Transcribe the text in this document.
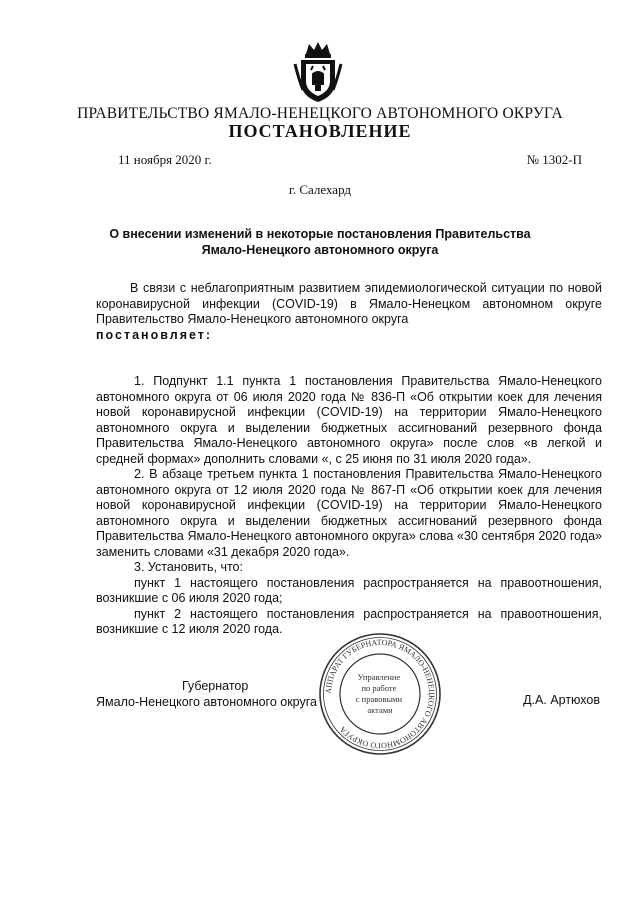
ПРАВИТЕЛЬСТВО ЯМАЛО-НЕНЕЦКОГО АВТОНОМНОГО ОКРУГА
ПОСТАНОВЛЕНИЕ
11 ноября 2020 г.	№ 1302-П
г. Салехард
О внесении изменений в некоторые постановления Правительства
Ямало-Ненецкого автономного округа
В связи с неблагоприятным развитием эпидемиологической ситуации по новой коронавирусной инфекции (COVID-19) в Ямало-Ненецком автономном округе Правительство Ямало-Ненецкого автономного округа
постановляет:

1. Подпункт 1.1 пункта 1 постановления Правительства Ямало-Ненецкого автономного округа от 06 июля 2020 года № 836-П «Об открытии коек для лечения новой коронавирусной инфекции (COVID-19) на территории Ямало-Ненецкого автономного округа и выделении бюджетных ассигнований резервного фонда Правительства Ямало-Ненецкого автономного округа» после слов «в легкой и средней формах» дополнить словами «, с 25 июня по 31 июля 2020 года».

2. В абзаце третьем пункта 1 постановления Правительства Ямало-Ненецкого автономного округа от 12 июля 2020 года № 867-П «Об открытии коек для лечения новой коронавирусной инфекции (COVID-19) на территории Ямало-Ненецкого автономного округа и выделении бюджетных ассигнований резервного фонда Правительства Ямало-Ненецкого автономного округа» слова «30 сентября 2020 года» заменить словами «31 декабря 2020 года».

3. Установить, что:

пункт 1 настоящего постановления распространяется на правоотношения, возникшие с 06 июля 2020 года;

пункт 2 настоящего постановления распространяется на правоотношения, возникшие с 12 июля 2020 года.

Губернатор
Ямало-Ненецкого автономного округа	Д.А. Артюхов
АППАРАТ ГУБЕРНАТОРА ЯМАЛО-НЕНЕЦКОГО АВТОНОМНОГО ОКРУГА
Управление по работе с правовыми актами
